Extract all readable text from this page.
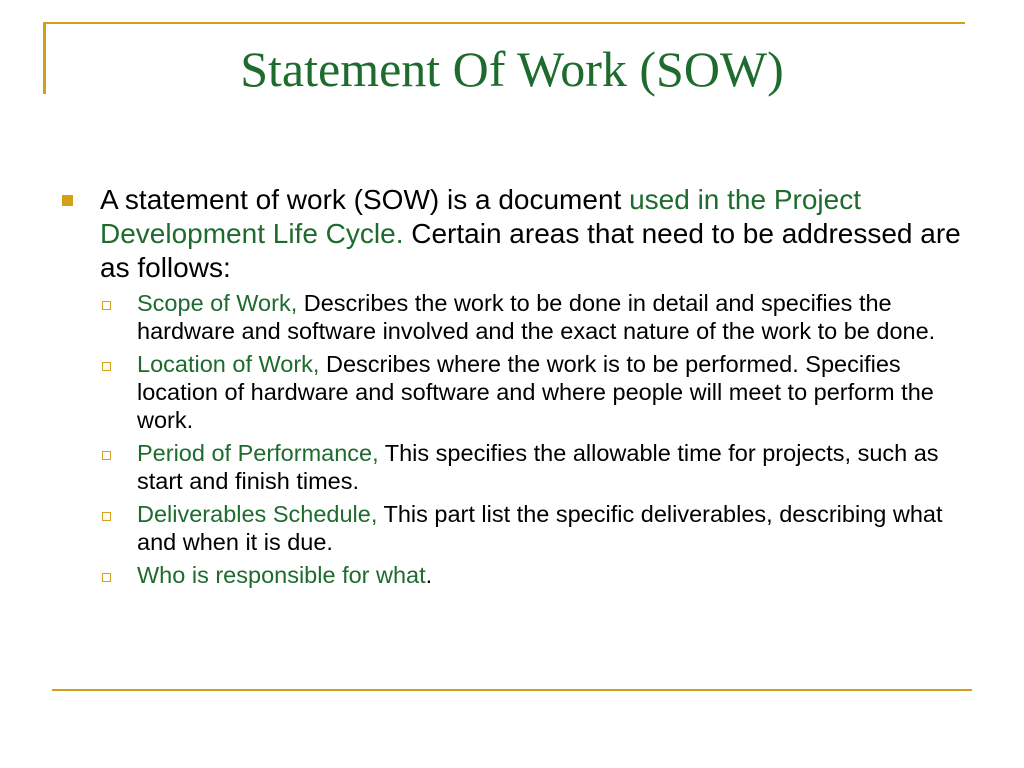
Statement Of Work (SOW)
A statement of work (SOW) is a document used in the Project Development Life Cycle. Certain areas that need to be addressed are as follows:
Scope of Work, Describes the work to be done in detail and specifies the hardware and software involved and the exact nature of the work to be done.
Location of Work, Describes where the work is to be performed. Specifies location of hardware and software and where people will meet to perform the work.
Period of Performance, This specifies the allowable time for projects, such as start and finish times.
Deliverables Schedule, This part list the specific deliverables, describing what and when it is due.
Who is responsible for what.
